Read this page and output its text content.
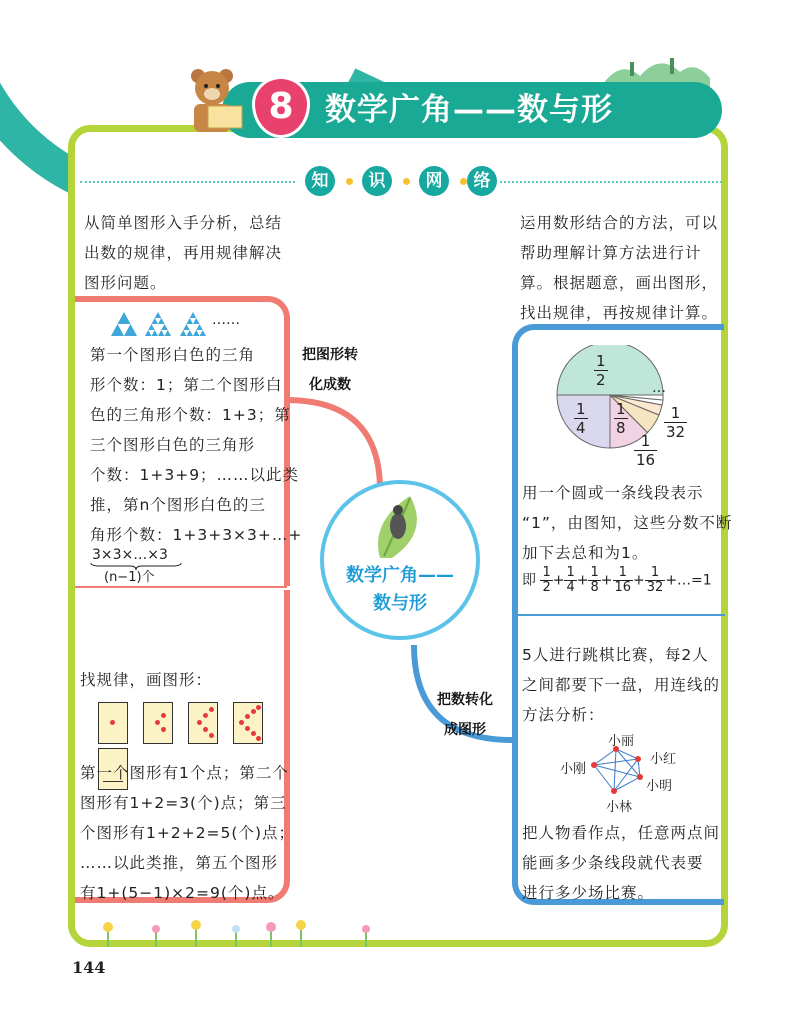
8	数学广角——数与形
知	识	网	络
从简单图形入手分析，总结
出数的规律，再用规律解决
图形问题。
运用数形结合的方法，可以
帮助理解计算方法进行计
算。根据题意，画出图形，
找出规律，再按规律计算。
把图形转
化成数
把数转化
成图形
数学广角——
数与形
……
第一个图形白色的三角
形个数：1；第二个图形白
色的三角形个数：1+3；第
三个图形白色的三角形
个数：1+3+9；……以此类
推，第n个图形白色的三
角形个数：1+3+3×3+…+
3×3×…×3
(n−1)个
找规律，画图形：

第一个图形有1个点；第二个
图形有1+2=3(个)点；第三
个图形有1+2+2=5(个)点；
……以此类推，第五个图形
有1+(5−1)×2=9(个)点。
$\frac{1}{2}$
$\frac{1}{4} \frac{1}{8}$
$\frac{1}{16}$
$\frac{1}{32}$
…
用一个圆或一条线段表示
“1”，由图知，这些分数不断
加下去总和为1。
即 $\frac{1}{2} + \frac{1}{4} + \frac{1}{8} + \frac{1}{16} + \frac{1}{32}$ +…=1
5人进行跳棋比赛，每2人
之间都要下一盘，用连线的
方法分析：
小丽
小刚
小红
小明
小林
把人物看作点，任意两点间
能画多少条线段就代表要
进行多少场比赛。
144
